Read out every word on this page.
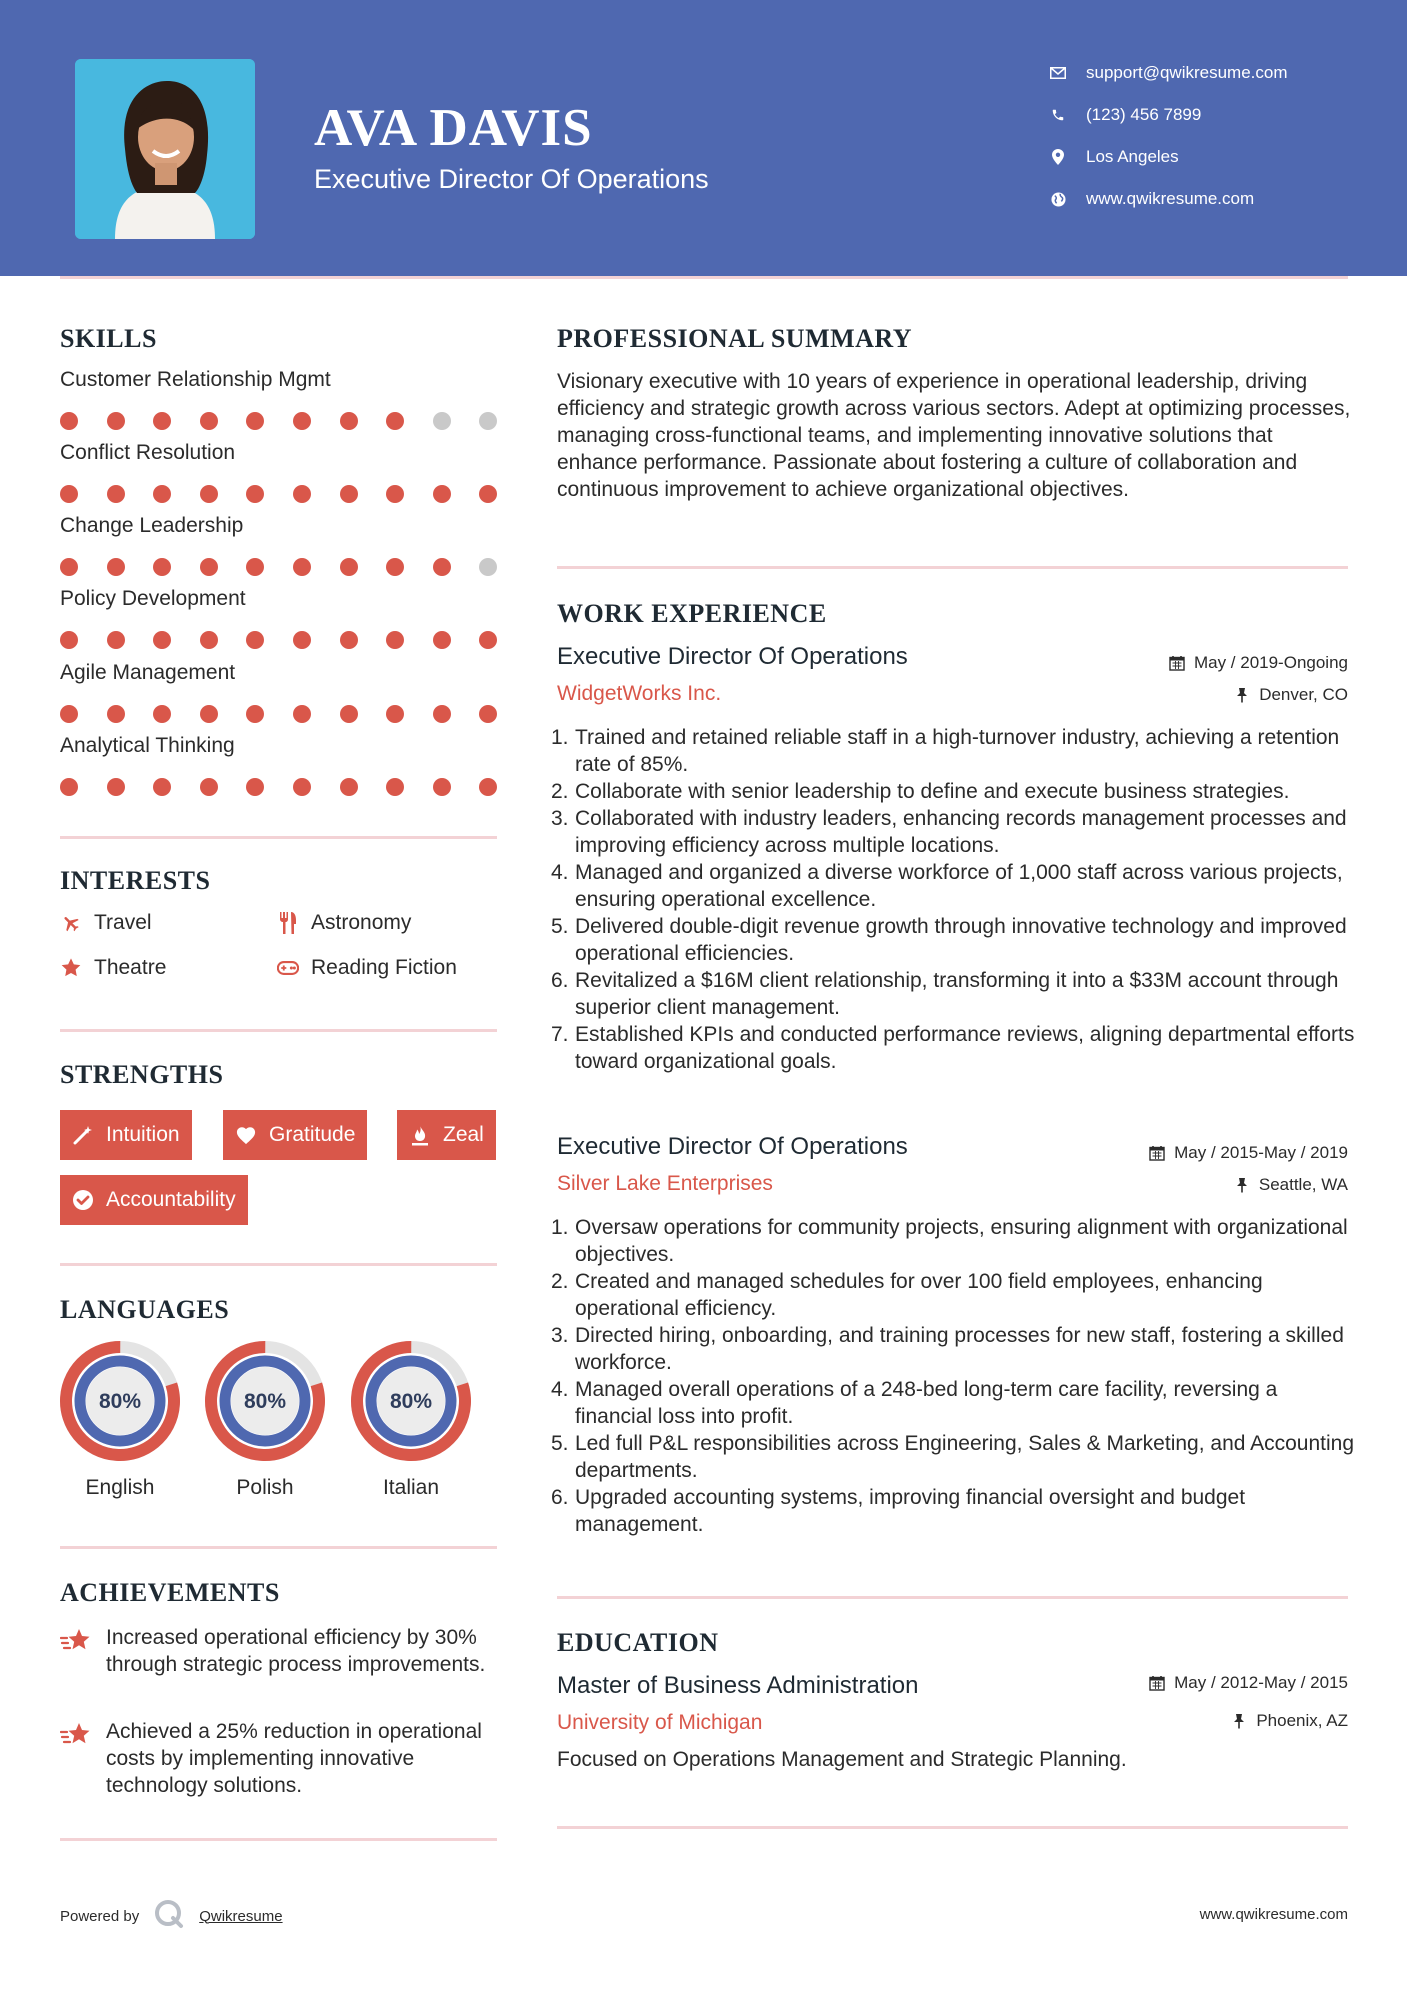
AVA DAVIS
Executive Director Of Operations
support@qwikresume.com
(123) 456 7899
Los Angeles
www.qwikresume.com
SKILLS
Customer Relationship Mgmt
Conflict Resolution
Change Leadership
Policy Development
Agile Management
Analytical Thinking
INTERESTS
Travel	Astronomy
Theatre	Reading Fiction
STRENGTHS
Intuition	Gratitude	Zeal
Accountability
LANGUAGES
80%
English
80%
Polish
80%
Italian
ACHIEVEMENTS
Increased operational efficiency by 30% through strategic process improvements.
Achieved a 25% reduction in operational costs by implementing innovative technology solutions.
PROFESSIONAL SUMMARY
Visionary executive with 10 years of experience in operational leadership, driving efficiency and strategic growth across various sectors. Adept at optimizing processes, managing cross-functional teams, and implementing innovative solutions that enhance performance. Passionate about fostering a culture of collaboration and continuous improvement to achieve organizational objectives.
WORK EXPERIENCE
Executive Director Of Operations	May / 2019-Ongoing
WidgetWorks Inc.	Denver, CO
1. Trained and retained reliable staff in a high-turnover industry, achieving a retention rate of 85%.
2. Collaborate with senior leadership to define and execute business strategies.
3. Collaborated with industry leaders, enhancing records management processes and improving efficiency across multiple locations.
4. Managed and organized a diverse workforce of 1,000 staff across various projects, ensuring operational excellence.
5. Delivered double-digit revenue growth through innovative technology and improved operational efficiencies.
6. Revitalized a $16M client relationship, transforming it into a $33M account through superior client management.
7. Established KPIs and conducted performance reviews, aligning departmental efforts toward organizational goals.
Executive Director Of Operations	May / 2015-May / 2019
Silver Lake Enterprises	Seattle, WA
1. Oversaw operations for community projects, ensuring alignment with organizational objectives.
2. Created and managed schedules for over 100 field employees, enhancing operational efficiency.
3. Directed hiring, onboarding, and training processes for new staff, fostering a skilled workforce.
4. Managed overall operations of a 248-bed long-term care facility, reversing a financial loss into profit.
5. Led full P&L responsibilities across Engineering, Sales & Marketing, and Accounting departments.
6. Upgraded accounting systems, improving financial oversight and budget management.
EDUCATION
Master of Business Administration	May / 2012-May / 2015
University of Michigan	Phoenix, AZ
Focused on Operations Management and Strategic Planning.
Powered by	Qwikresume	www.qwikresume.com
